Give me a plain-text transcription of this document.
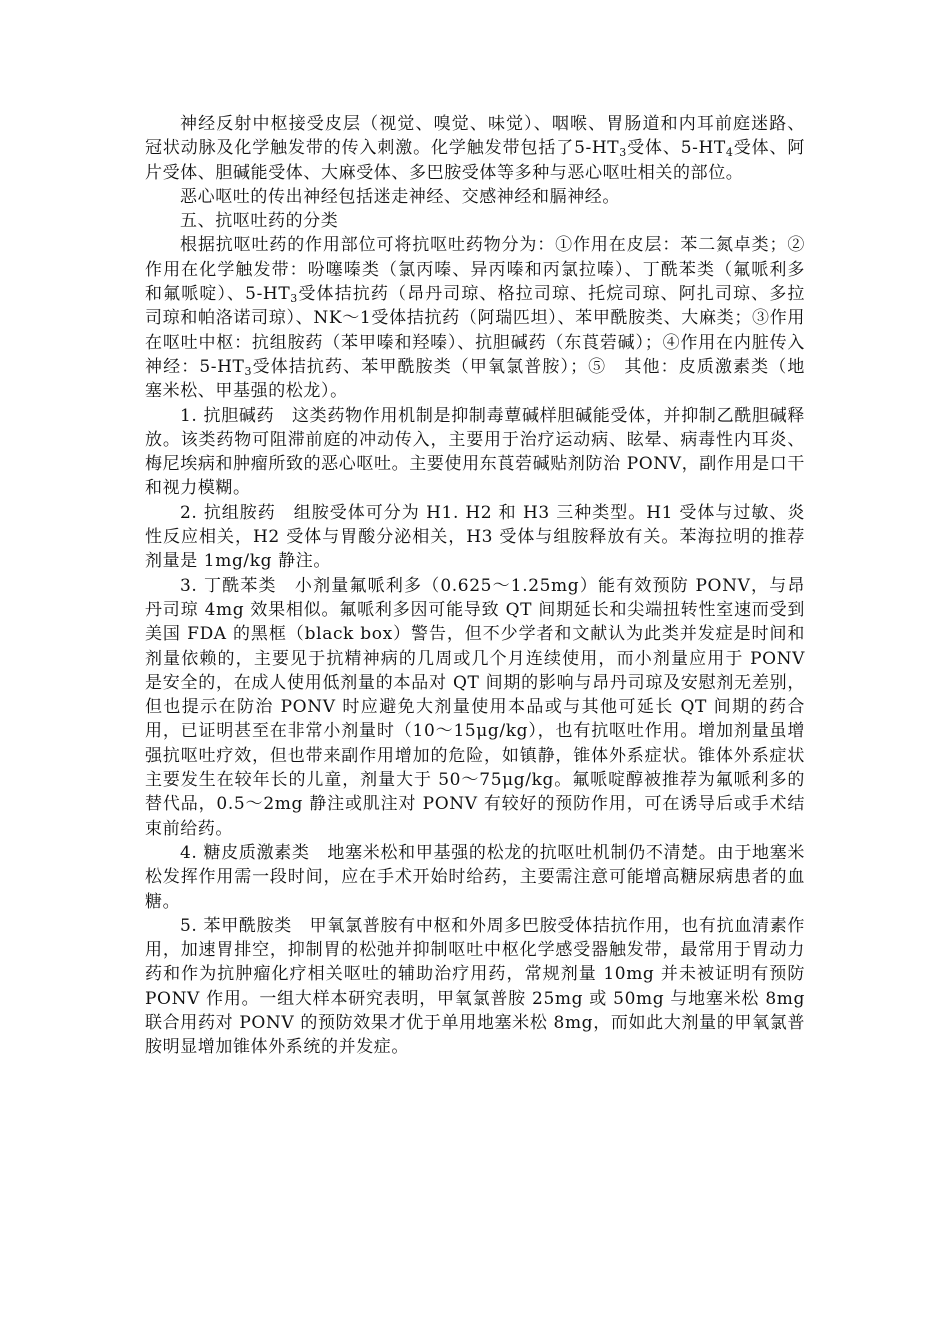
神经反射中枢接受皮层（视觉、嗅觉、味觉）、咽喉、胃肠道和内耳前庭迷路、冠状动脉及化学触发带的传入刺激。化学触发带包括了$5-HT_3$受体、$5-HT_4$受体、阿片受体、胆碱能受体、大麻受体、多巴胺受体等多种与恶心呕吐相关的部位。

恶心呕吐的传出神经包括迷走神经、交感神经和膈神经。

五、抗呕吐药的分类

根据抗呕吐药的作用部位可将抗呕吐药物分为：①作用在皮层：苯二氮卓类；②作用在化学触发带：吩噻嗪类（氯丙嗪、异丙嗪和丙氯拉嗪）、丁酰苯类（氟哌利多和氟哌啶）、$5-HT_3$受体拮抗药（昂丹司琼、格拉司琼、托烷司琼、阿扎司琼、多拉司琼和帕洛诺司琼）、NK～1受体拮抗药（阿瑞匹坦）、苯甲酰胺类、大麻类；③作用在呕吐中枢：抗组胺药（苯甲嗪和羟嗪）、抗胆碱药（东莨菪碱）；④作用在内脏传入神经：$5-HT_3$受体拮抗药、苯甲酰胺类（甲氧氯普胺）；⑤　其他：皮质激素类（地塞米松、甲基强的松龙）。

1. 抗胆碱药　这类药物作用机制是抑制毒蕈碱样胆碱能受体，并抑制乙酰胆碱释放。该类药物可阻滞前庭的冲动传入，主要用于治疗运动病、眩晕、病毒性内耳炎、梅尼埃病和肿瘤所致的恶心呕吐。主要使用东莨菪碱贴剂防治 PONV，副作用是口干和视力模糊。

2. 抗组胺药　组胺受体可分为 H1. H2 和 H3 三种类型。H1 受体与过敏、炎性反应相关，H2 受体与胃酸分泌相关，H3 受体与组胺释放有关。苯海拉明的推荐剂量是 1mg/kg 静注。

3. 丁酰苯类　小剂量氟哌利多（0.625～1.25mg）能有效预防 PONV，与昂丹司琼 4mg 效果相似。氟哌利多因可能导致 QT 间期延长和尖端扭转性室速而受到美国 FDA 的黑框（black box）警告，但不少学者和文献认为此类并发症是时间和剂量依赖的，主要见于抗精神病的几周或几个月连续使用，而小剂量应用于 PONV 是安全的，在成人使用低剂量的本品对 QT 间期的影响与昂丹司琼及安慰剂无差别，但也提示在防治 PONV 时应避免大剂量使用本品或与其他可延长 QT 间期的药合用，已证明甚至在非常小剂量时（10～15μg/kg），也有抗呕吐作用。增加剂量虽增强抗呕吐疗效，但也带来副作用增加的危险，如镇静，锥体外系症状。锥体外系症状主要发生在较年长的儿童，剂量大于 50～75μg/kg。氟哌啶醇被推荐为氟哌利多的替代品，0.5～2mg 静注或肌注对 PONV 有较好的预防作用，可在诱导后或手术结束前给药。

4. 糖皮质激素类　地塞米松和甲基强的松龙的抗呕吐机制仍不清楚。由于地塞米松发挥作用需一段时间，应在手术开始时给药，主要需注意可能增高糖尿病患者的血糖。

5. 苯甲酰胺类　甲氧氯普胺有中枢和外周多巴胺受体拮抗作用，也有抗血清素作用，加速胃排空，抑制胃的松弛并抑制呕吐中枢化学感受器触发带，最常用于胃动力药和作为抗肿瘤化疗相关呕吐的辅助治疗用药，常规剂量 10mg 并未被证明有预防 PONV 作用。一组大样本研究表明，甲氧氯普胺 25mg 或 50mg 与地塞米松 8mg 联合用药对 PONV 的预防效果才优于单用地塞米松 8mg，而如此大剂量的甲氧氯普胺明显增加锥体外系统的并发症。
